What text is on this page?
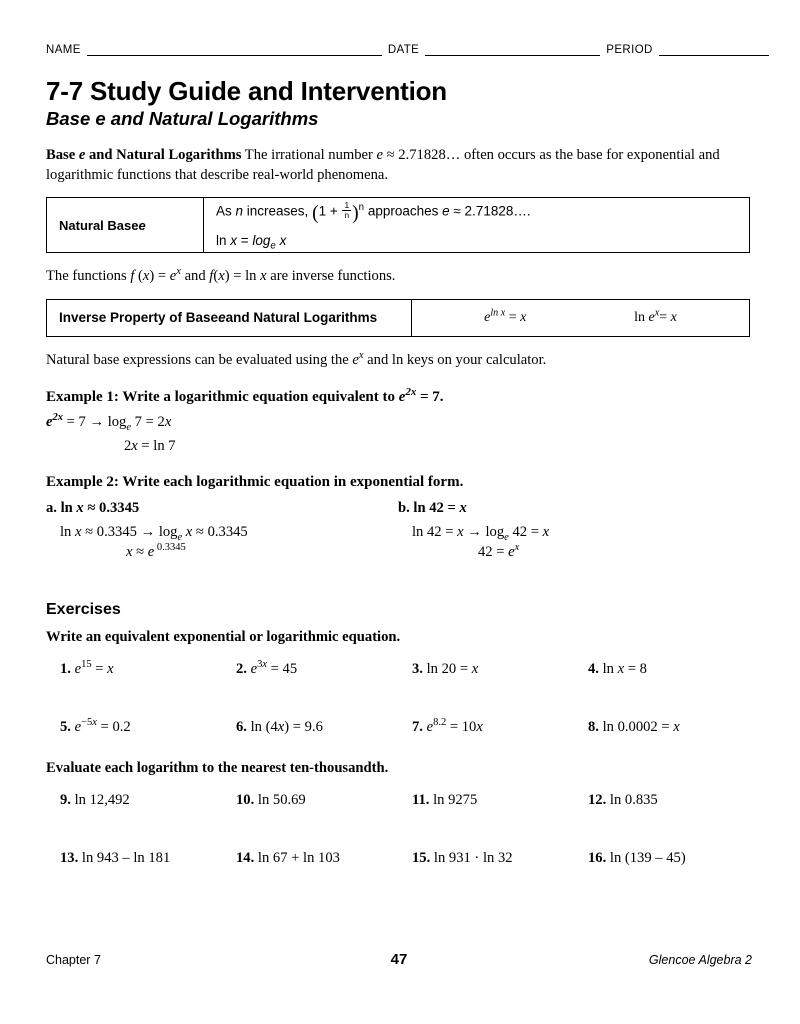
NAME	DATE	PERIOD
7-7 Study Guide and Intervention
Base e and Natural Logarithms
Base e and Natural Logarithms The irrational number e ≈ 2.71828… often occurs as the base for exponential and logarithmic functions that describe real-world phenomena.
Natural Base e
As n increases, $(1 + \frac{1}{n} )^n$ approaches e ≈ 2.71828….
$\ln x = \log_e x$
The functions f $(x) = e^x$ and f(x) = ln x are inverse functions.
Inverse Property of Base e and Natural Logarithms	$e^{ln x} = x$	$\ln e^x= x$
Natural base expressions can be evaluated using the $e^x$ and ln keys on your calculator.
Example 1: Write a logarithmic equation equivalent to $e^{2x} = 7$.
$e^{2x} = 7 \to \log_e 7 = 2x$
2x = ln 7
Example 2: Write each logarithmic equation in exponential form.
a. ln x ≈ 0.3345
$\ln x \approx 0.3345 \to \log_e x \approx 0.3345$
x ≈ e $^{0.3345}$
b. ln 42 = x
$\ln 42 = x \to \log_e 42 = x$
$42 = e^x$
Exercises
Write an equivalent exponential or logarithmic equation.
1. $e^{15} = x$	2. $e^{3x} = 45$	3. ln 20 = x	4. ln x = 8
5. $e^{-5x} = 0.2$	6. ln (4x) = 9.6	7. $e^{8.2} = 10x$	8. ln 0.0002 = x
Evaluate each logarithm to the nearest ten-thousandth.
9. ln 12,492	10. ln 50.69	11. ln 9275	12. ln 0.835
13. ln 943 – ln 181	14. ln 67 + ln 103	15. ln 931 · ln 32	16. ln (139 – 45)
Chapter 7	47	Glencoe Algebra 2
